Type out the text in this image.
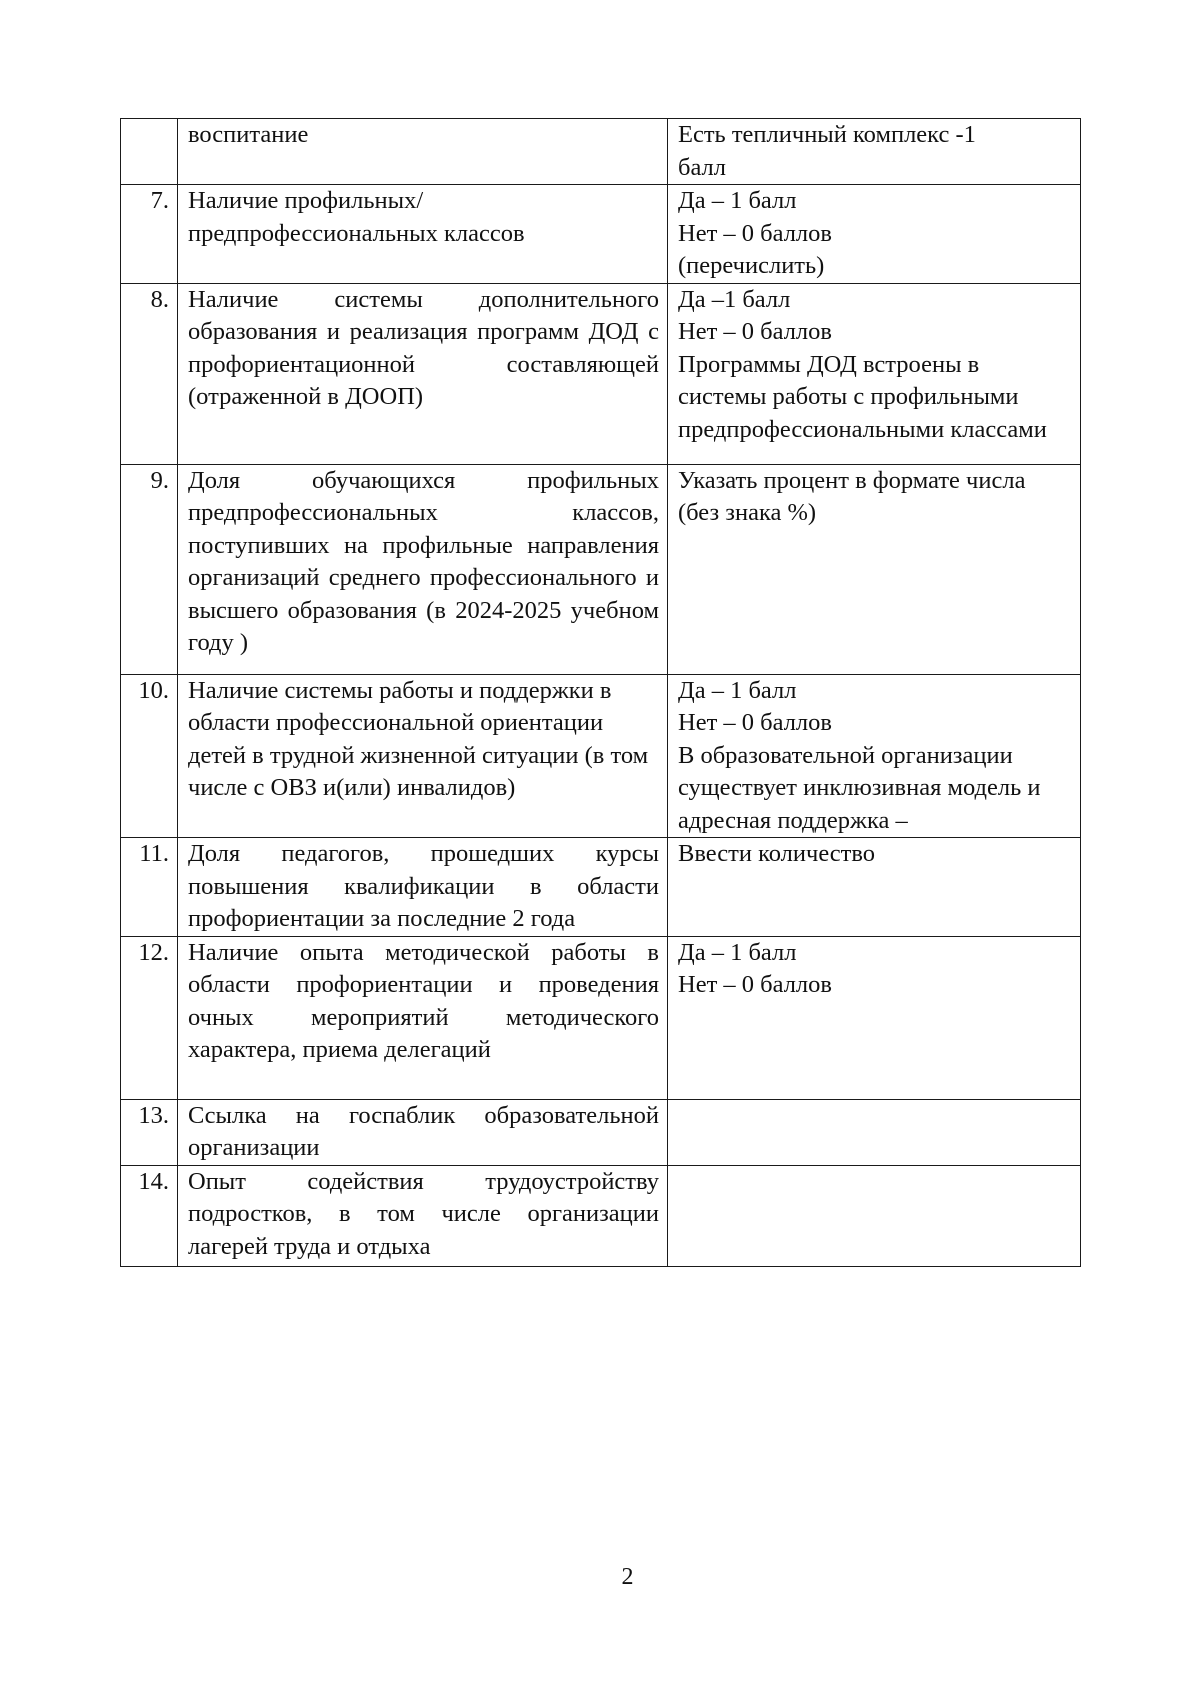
	воспитание	Есть тепличный комплекс -1
балл

7.	Наличие профильных/ предпрофессиональных классов	Да – 1 балл
Нет – 0 баллов
(перечислить)

8.	Наличие системы дополнительного образования и реализация программ ДОД с профориентационной составляющей (отраженной в ДООП)	Да –1 балл
Нет – 0 баллов
Программы ДОД встроены в системы работы с профильными предпрофессиональными классами

9.	Доля обучающихся профильных предпрофессиональных классов, поступивших на профильные направления организаций среднего профессионального и высшего образования (в 2024-2025 учебном году )	Указать процент в формате числа (без знака %)

10.	Наличие системы работы и поддержки в области профессиональной ориентации детей в трудной жизненной ситуации (в том числе с ОВЗ и(или) инвалидов)	Да – 1 балл
Нет – 0 баллов
В образовательной организации существует инклюзивная модель и адресная поддержка –

11.	Доля педагогов, прошедших курсы повышения квалификации в области профориентации за последние 2 года	Ввести количество

12.	Наличие опыта методической работы в области профориентации и проведения очных мероприятий методического характера, приема делегаций	Да – 1 балл
Нет – 0 баллов

13.	Ссылка на госпаблик образовательной организации	
14.	Опыт содействия трудоустройству подростков, в том числе организации лагерей труда и отдыха	
2
